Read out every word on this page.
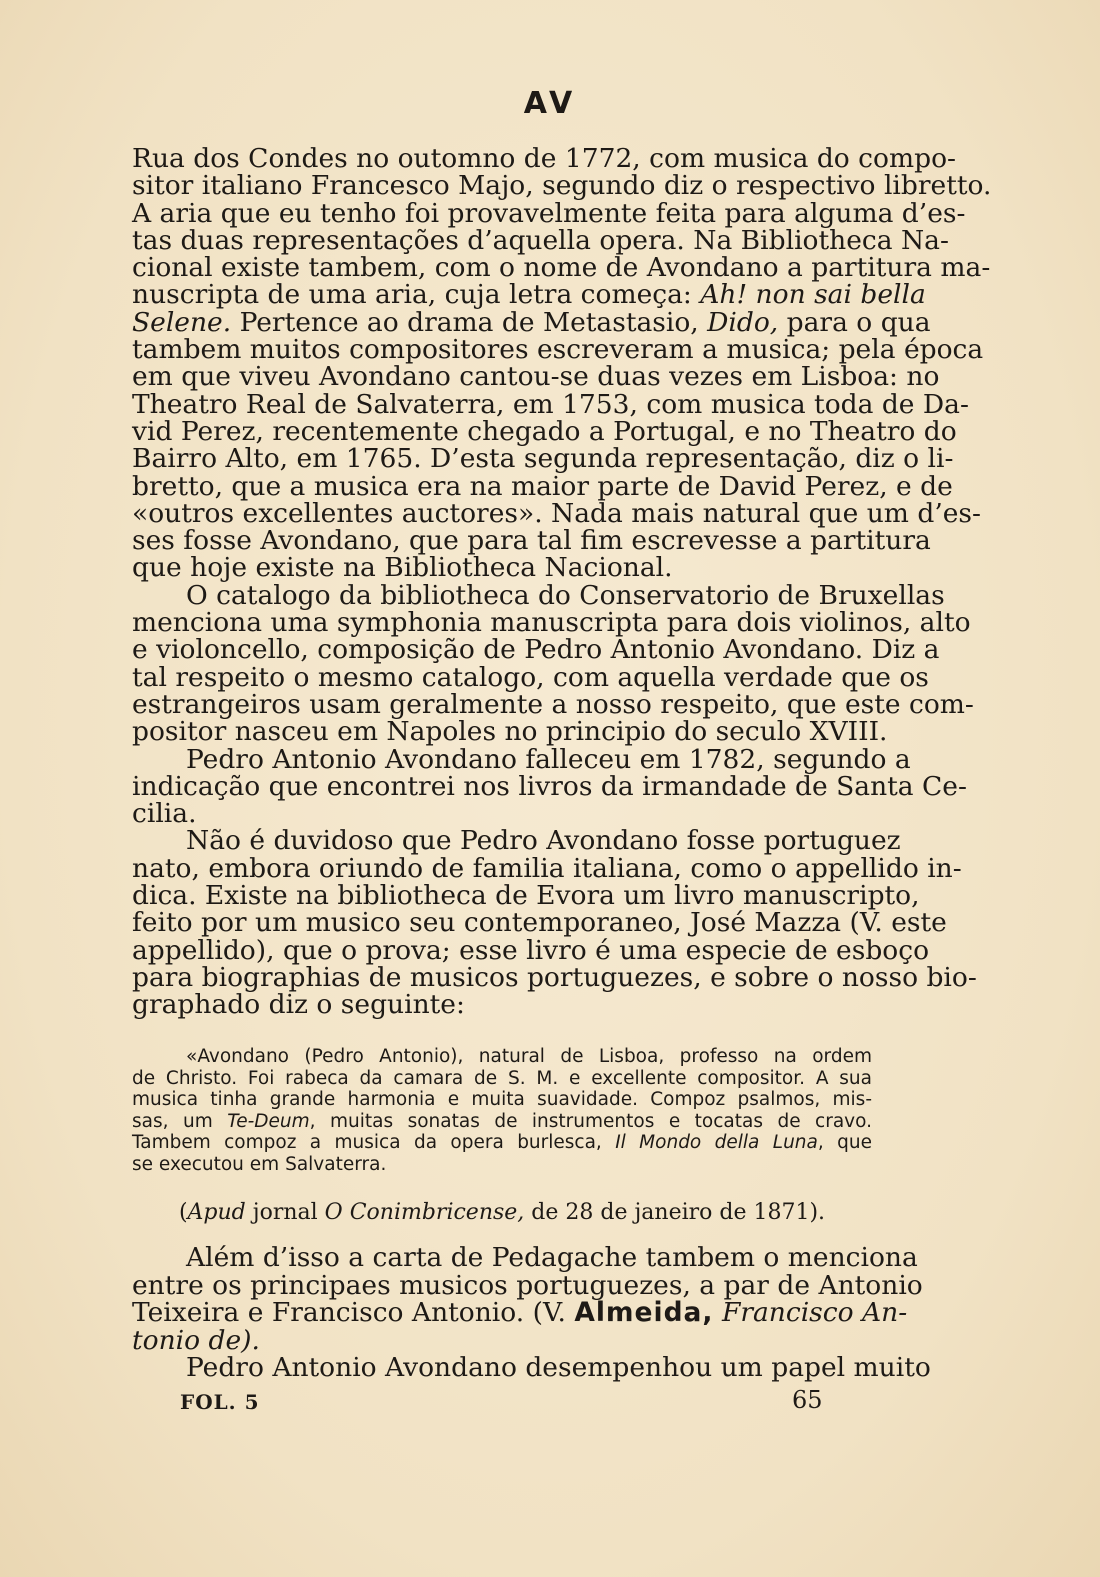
AV
Rua dos Condes no outomno de 1772, com musica do compo-
sitor italiano Francesco Majo, segundo diz o respectivo libretto.
A aria que eu tenho foi provavelmente feita para alguma d’es-
tas duas representações d’aquella opera. Na Bibliotheca Na-
cional existe tambem, com o nome de Avondano a partitura ma-
nuscripta de uma aria, cuja letra começa: Ah! non sai bella
Selene. Pertence ao drama de Metastasio, Dido, para o qua
tambem muitos compositores escreveram a musica; pela época
em que viveu Avondano cantou-se duas vezes em Lisboa: no
Theatro Real de Salvaterra, em 1753, com musica toda de Da-
vid Perez, recentemente chegado a Portugal, e no Theatro do
Bairro Alto, em 1765. D’esta segunda representação, diz o li-
bretto, que a musica era na maior parte de David Perez, e de
«outros excellentes auctores». Nada mais natural que um d’es-
ses fosse Avondano, que para tal fim escrevesse a partitura
que hoje existe na Bibliotheca Nacional.
O catalogo da bibliotheca do Conservatorio de Bruxellas
menciona uma symphonia manuscripta para dois violinos, alto
e violoncello, composição de Pedro Antonio Avondano. Diz a
tal respeito o mesmo catalogo, com aquella verdade que os
estrangeiros usam geralmente a nosso respeito, que este com-
positor nasceu em Napoles no principio do seculo XVIII.
Pedro Antonio Avondano falleceu em 1782, segundo a
indicação que encontrei nos livros da irmandade de Santa Ce-
cilia.
Não é duvidoso que Pedro Avondano fosse portuguez
nato, embora oriundo de familia italiana, como o appellido in-
dica. Existe na bibliotheca de Evora um livro manuscripto,
feito por um musico seu contemporaneo, José Mazza (V. este
appellido), que o prova; esse livro é uma especie de esboço
para biographias de musicos portuguezes, e sobre o nosso bio-
graphado diz o seguinte:
«Avondano (Pedro Antonio), natural de Lisboa, professo na ordem
de Christo. Foi rabeca da camara de S. M. e excellente compositor. A sua
musica tinha grande harmonia e muita suavidade. Compoz psalmos, mis-
sas, um Te-Deum, muitas sonatas de instrumentos e tocatas de cravo.
Tambem compoz a musica da opera burlesca, Il Mondo della Luna, que
se executou em Salvaterra.
(Apud jornal O Conimbricense, de 28 de janeiro de 1871).
Além d’isso a carta de Pedagache tambem o menciona
entre os principaes musicos portuguezes, a par de Antonio
Teixeira e Francisco Antonio. (V. Almeida, Francisco An-
tonio de).
Pedro Antonio Avondano desempenhou um papel muito
FOL. 5	65
